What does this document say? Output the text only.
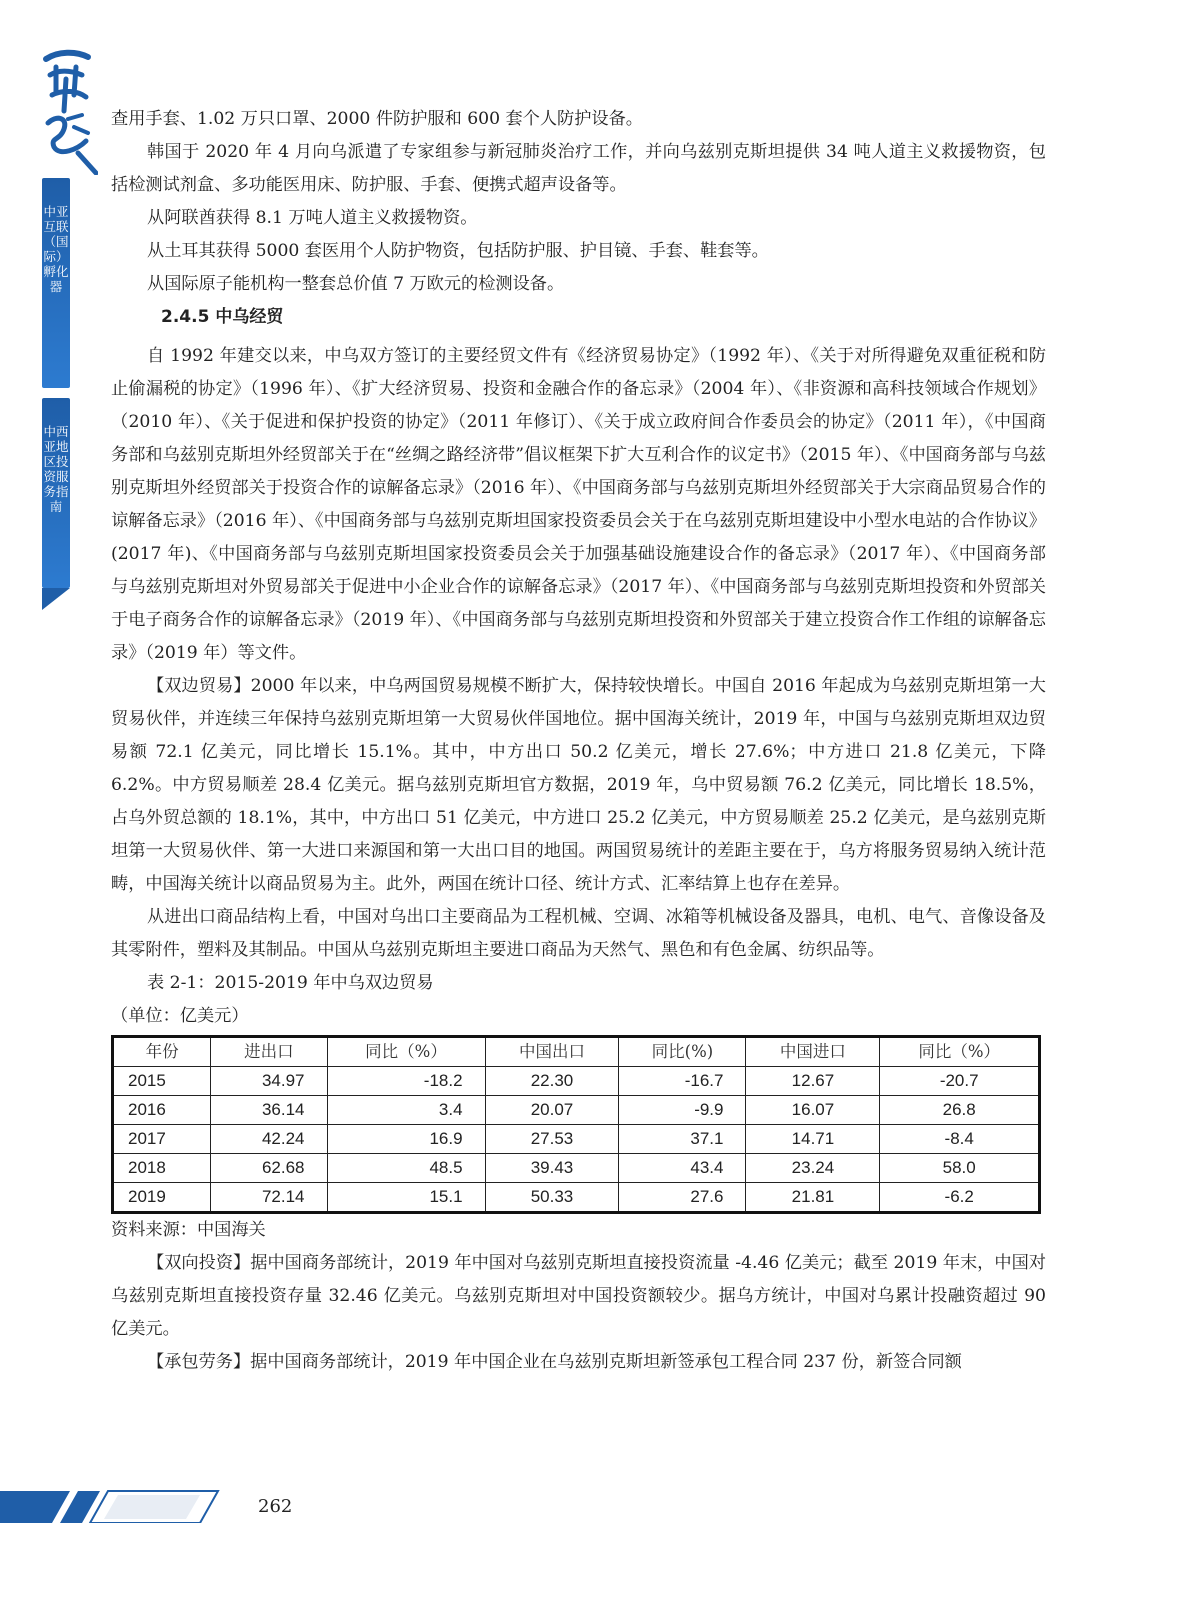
中亚互联（国际）孵化器
中西亚地区投资服务指南

查用手套、1.02 万只口罩、2000 件防护服和 600 套个人防护设备。

韩国于 2020 年 4 月向乌派遣了专家组参与新冠肺炎治疗工作，并向乌兹别克斯坦提供 34 吨人道主义救援物资，包括检测试剂盒、多功能医用床、防护服、手套、便携式超声设备等。

从阿联酋获得 8.1 万吨人道主义救援物资。

从土耳其获得 5000 套医用个人防护物资，包括防护服、护目镜、手套、鞋套等。

从国际原子能机构一整套总价值 7 万欧元的检测设备。

2.4.5 中乌经贸

自 1992 年建交以来，中乌双方签订的主要经贸文件有《经济贸易协定》（1992 年）、《关于对所得避免双重征税和防止偷漏税的协定》（1996 年）、《扩大经济贸易、投资和金融合作的备忘录》（2004 年）、《非资源和高科技领域合作规划》（2010 年）、《关于促进和保护投资的协定》（2011 年修订）、《关于成立政府间合作委员会的协定》（2011 年），《中国商务部和乌兹别克斯坦外经贸部关于在“丝绸之路经济带”倡议框架下扩大互利合作的议定书》（2015 年）、《中国商务部与乌兹别克斯坦外经贸部关于投资合作的谅解备忘录》（2016 年）、《中国商务部与乌兹别克斯坦外经贸部关于大宗商品贸易合作的谅解备忘录》（2016 年）、《中国商务部与乌兹别克斯坦国家投资委员会关于在乌兹别克斯坦建设中小型水电站的合作协议》(2017 年)、《中国商务部与乌兹别克斯坦国家投资委员会关于加强基础设施建设合作的备忘录》（2017 年）、《中国商务部与乌兹别克斯坦对外贸易部关于促进中小企业合作的谅解备忘录》（2017 年）、《中国商务部与乌兹别克斯坦投资和外贸部关于电子商务合作的谅解备忘录》（2019 年）、《中国商务部与乌兹别克斯坦投资和外贸部关于建立投资合作工作组的谅解备忘录》（2019 年）等文件。

【双边贸易】2000 年以来，中乌两国贸易规模不断扩大，保持较快增长。中国自 2016 年起成为乌兹别克斯坦第一大贸易伙伴，并连续三年保持乌兹别克斯坦第一大贸易伙伴国地位。据中国海关统计，2019 年，中国与乌兹别克斯坦双边贸易额 72.1 亿美元，同比增长 15.1%。其中，中方出口 50.2 亿美元，增长 27.6%；中方进口 21.8 亿美元，下降 6.2%。中方贸易顺差 28.4 亿美元。据乌兹别克斯坦官方数据，2019 年，乌中贸易额 76.2 亿美元，同比增长 18.5%，占乌外贸总额的 18.1%，其中，中方出口 51 亿美元，中方进口 25.2 亿美元，中方贸易顺差 25.2 亿美元，是乌兹别克斯坦第一大贸易伙伴、第一大进口来源国和第一大出口目的地国。两国贸易统计的差距主要在于，乌方将服务贸易纳入统计范畴，中国海关统计以商品贸易为主。此外，两国在统计口径、统计方式、汇率结算上也存在差异。

从进出口商品结构上看，中国对乌出口主要商品为工程机械、空调、冰箱等机械设备及器具，电机、电气、音像设备及其零附件，塑料及其制品。中国从乌兹别克斯坦主要进口商品为天然气、黑色和有色金属、纺织品等。

表 2-1：2015-2019 年中乌双边贸易

（单位：亿美元）

年份	进出口	同比（%）	中国出口	同比(%)	中国进口	同比（%）
2015	34.97	-18.2	22.30	-16.7	12.67	-20.7
2016	36.14	3.4	20.07	-9.9	16.07	26.8
2017	42.24	16.9	27.53	37.1	14.71	-8.4
2018	62.68	48.5	39.43	43.4	23.24	58.0
2019	72.14	15.1	50.33	27.6	21.81	-6.2

资料来源：中国海关

【双向投资】据中国商务部统计，2019 年中国对乌兹别克斯坦直接投资流量 -4.46 亿美元；截至 2019 年末，中国对乌兹别克斯坦直接投资存量 32.46 亿美元。乌兹别克斯坦对中国投资额较少。据乌方统计，中国对乌累计投融资超过 90 亿美元。

【承包劳务】据中国商务部统计，2019 年中国企业在乌兹别克斯坦新签承包工程合同 237 份，新签合同额

262
